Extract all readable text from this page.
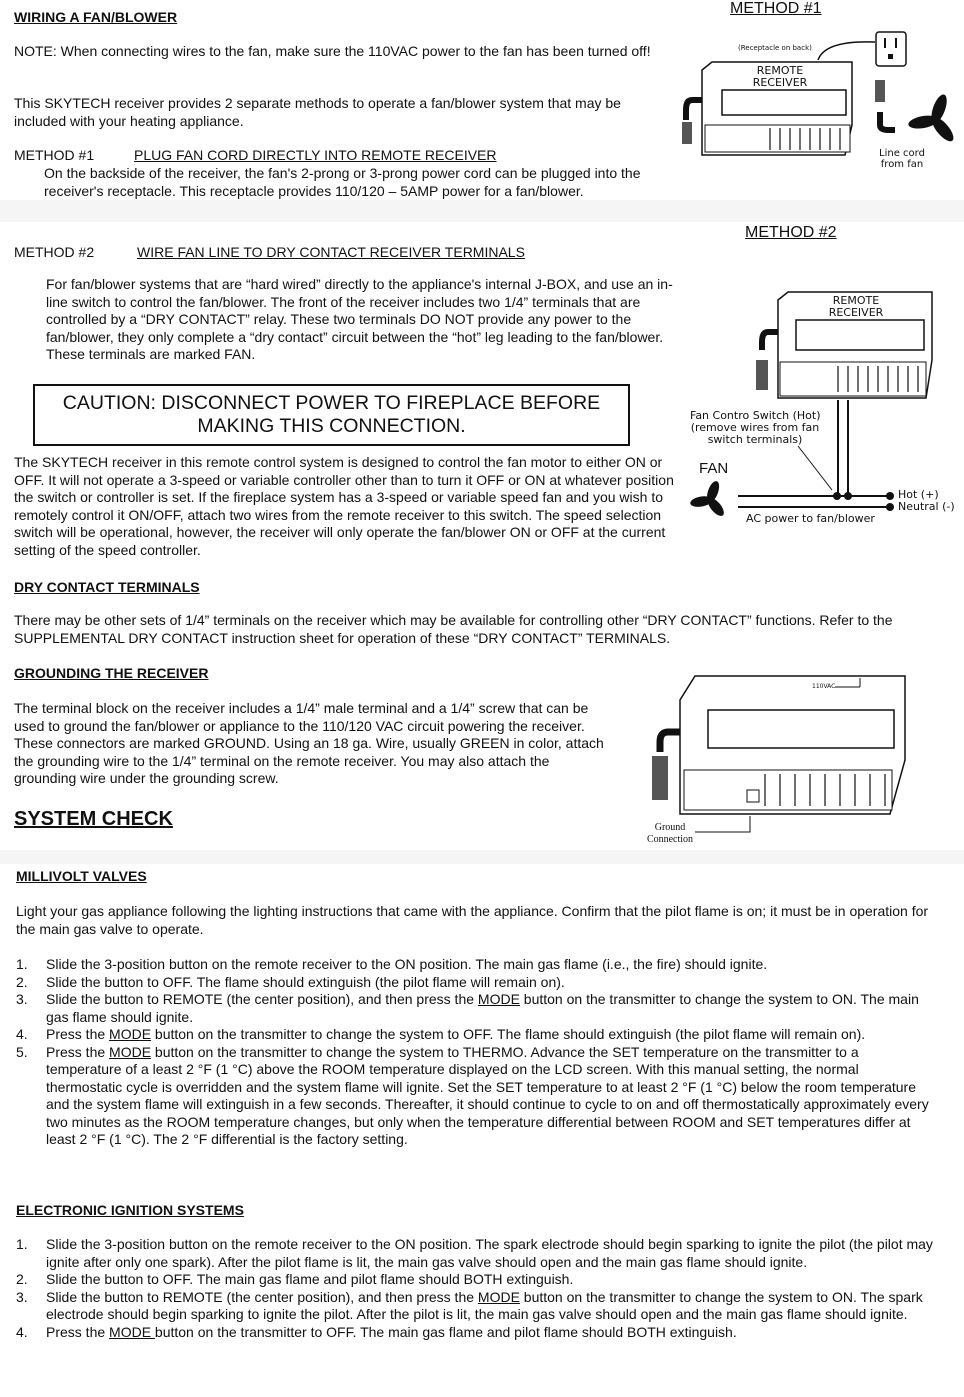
WIRING A FAN/BLOWER
NOTE: When connecting wires to the fan, make sure the 110VAC power to the fan has been turned off!
This SKYTECH receiver provides 2 separate methods to operate a fan/blower system that may be included with your heating appliance.
METHOD #1	PLUG FAN CORD DIRECTLY INTO REMOTE RECEIVER
On the backside of the receiver, the fan's 2-prong or 3-prong power cord can be plugged into the receiver's receptacle. This receptacle provides 110/120 – 5AMP power for a fan/blower.
METHOD #2	WIRE FAN LINE TO DRY CONTACT RECEIVER TERMINALS
For fan/blower systems that are “hard wired” directly to the appliance's internal J-BOX, and use an in-line switch to control the fan/blower. The front of the receiver includes two 1/4” terminals that are controlled by a “DRY CONTACT” relay. These two terminals DO NOT provide any power to the fan/blower, they only complete a “dry contact” circuit between the “hot” leg leading to the fan/blower. These terminals are marked FAN.
CAUTION: DISCONNECT POWER TO FIREPLACE BEFORE
MAKING THIS CONNECTION.
The SKYTECH receiver in this remote control system is designed to control the fan motor to either ON or OFF. It will not operate a 3-speed or variable controller other than to turn it OFF or ON at whatever position the switch or controller is set. If the fireplace system has a 3-speed or variable speed fan and you wish to remotely control it ON/OFF, attach two wires from the remote receiver to this switch. The speed selection switch will be operational, however, the receiver will only operate the fan/blower ON or OFF at the current setting of the speed controller.
DRY CONTACT TERMINALS
There may be other sets of 1/4” terminals on the receiver which may be available for controlling other “DRY CONTACT” functions. Refer to the SUPPLEMENTAL DRY CONTACT instruction sheet for operation of these “DRY CONTACT” TERMINALS.
GROUNDING THE RECEIVER
The terminal block on the receiver includes a 1/4” male terminal and a 1/4” screw that can be used to ground the fan/blower or appliance to the 110/120 VAC circuit powering the receiver. These connectors are marked GROUND. Using an 18 ga. Wire, usually GREEN in color, attach the grounding wire to the 1/4” terminal on the remote receiver. You may also attach the grounding wire under the grounding screw.
SYSTEM CHECK
MILLIVOLT VALVES
Light your gas appliance following the lighting instructions that came with the appliance. Confirm that the pilot flame is on; it must be in operation for the main gas valve to operate.
1. Slide the 3-position button on the remote receiver to the ON position. The main gas flame (i.e., the fire) should ignite.
2. Slide the button to OFF. The flame should extinguish (the pilot flame will remain on).
3. Slide the button to REMOTE (the center position), and then press the MODE button on the transmitter to change the system to ON. The main gas flame should ignite.
4. Press the MODE button on the transmitter to change the system to OFF. The flame should extinguish (the pilot flame will remain on).
5. Press the MODE button on the transmitter to change the system to THERMO. Advance the SET temperature on the transmitter to a temperature of a least 2 °F (1 °C) above the ROOM temperature displayed on the LCD screen. With this manual setting, the normal thermostatic cycle is overridden and the system flame will ignite. Set the SET temperature to at least 2 °F (1 °C) below the room temperature and the system flame will extinguish in a few seconds. Thereafter, it should continue to cycle to on and off thermostatically approximately every two minutes as the ROOM temperature changes, but only when the temperature differential between ROOM and SET temperatures differ at least 2 °F (1 °C). The 2 °F differential is the factory setting.
ELECTRONIC IGNITION SYSTEMS
1. Slide the 3-position button on the remote receiver to the ON position. The spark electrode should begin sparking to ignite the pilot (the pilot may ignite after only one spark). After the pilot flame is lit, the main gas valve should open and the main gas flame should ignite.
2. Slide the button to OFF. The main gas flame and pilot flame should BOTH extinguish.
3. Slide the button to REMOTE (the center position), and then press the MODE button on the transmitter to change the system to ON. The spark electrode should begin sparking to ignite the pilot. After the pilot is lit, the main gas valve should open and the main gas flame should ignite.
4. Press the MODE button on the transmitter to OFF. The main gas flame and pilot flame should BOTH extinguish.
METHOD #1
(Receptacle on back)
REMOTE
RECEIVER
Line cord
from fan
METHOD #2
REMOTE
RECEIVER
Fan Contro Switch (Hot)
(remove wires from fan
switch terminals)
FAN
Hot (+)
Neutral (-)
AC power to fan/blower
110VAC
Ground
Connection
